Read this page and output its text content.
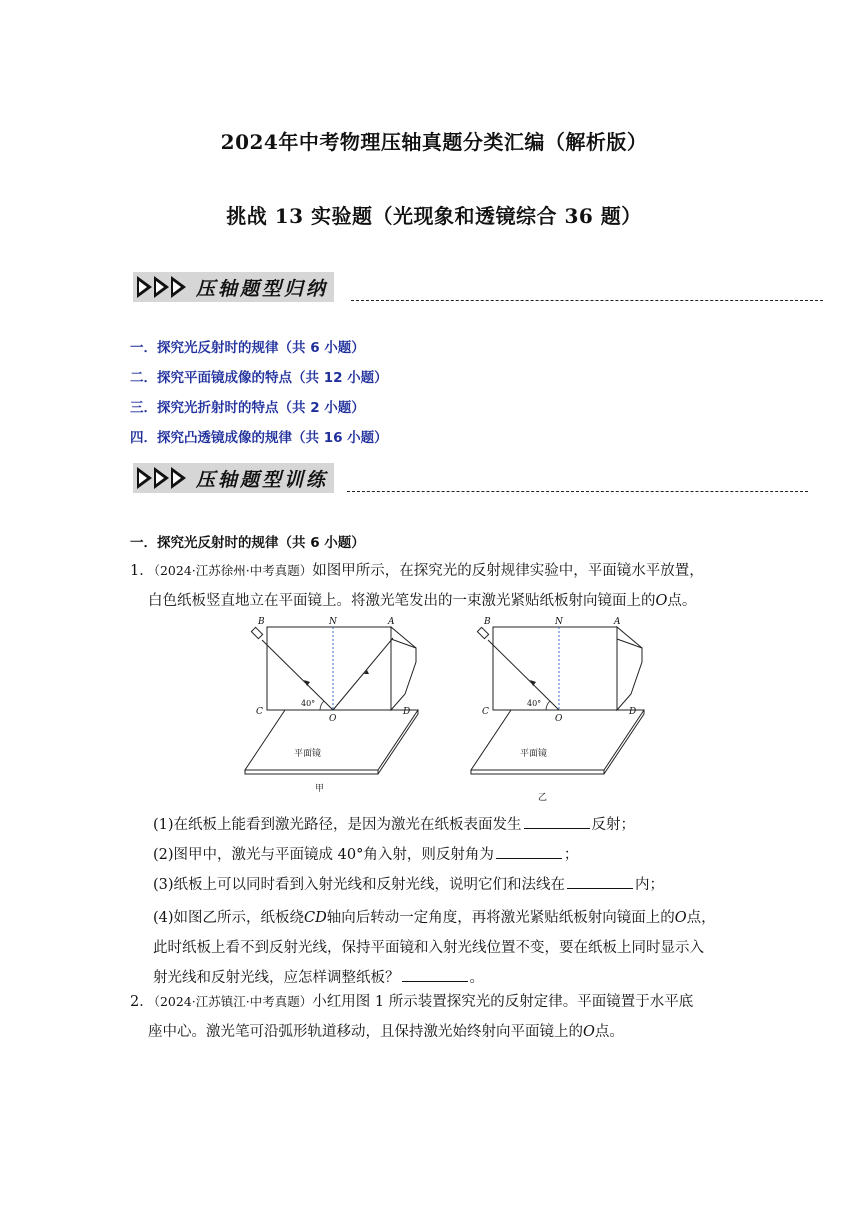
2024年中考物理压轴真题分类汇编（解析版）
挑战 13 实验题（光现象和透镜综合 36 题）
压轴题型归纳
一．探究光反射时的规律（共 6 小题）
二．探究平面镜成像的特点（共 12 小题）
三．探究光折射时的特点（共 2 小题）
四．探究凸透镜成像的规律（共 16 小题）
压轴题型训练
一．探究光反射时的规律（共 6 小题）
1．（2024·江苏徐州·中考真题）如图甲所示，在探究光的反射规律实验中，平面镜水平放置，
白色纸板竖直地立在平面镜上。将激光笔发出的一束激光紧贴纸板射向镜面上的O点。
B	N	A
C
O
D
40°
平面镜
甲
B	N	A
C
O
D
40°
平面镜
乙
(1)在纸板上能看到激光路径，是因为激光在纸板表面发生	反射；
(2)图甲中，激光与平面镜成 40°角入射，则反射角为	；
(3)纸板上可以同时看到入射光线和反射光线，说明它们和法线在	内；
(4)如图乙所示，纸板绕CD轴向后转动一定角度，再将激光紧贴纸板射向镜面上的O点，
此时纸板上看不到反射光线，保持平面镜和入射光线位置不变，要在纸板上同时显示入
射光线和反射光线，应怎样调整纸板？	。
2．（2024·江苏镇江·中考真题）小红用图 1 所示装置探究光的反射定律。平面镜置于水平底
座中心。激光笔可沿弧形轨道移动，且保持激光始终射向平面镜上的O点。
